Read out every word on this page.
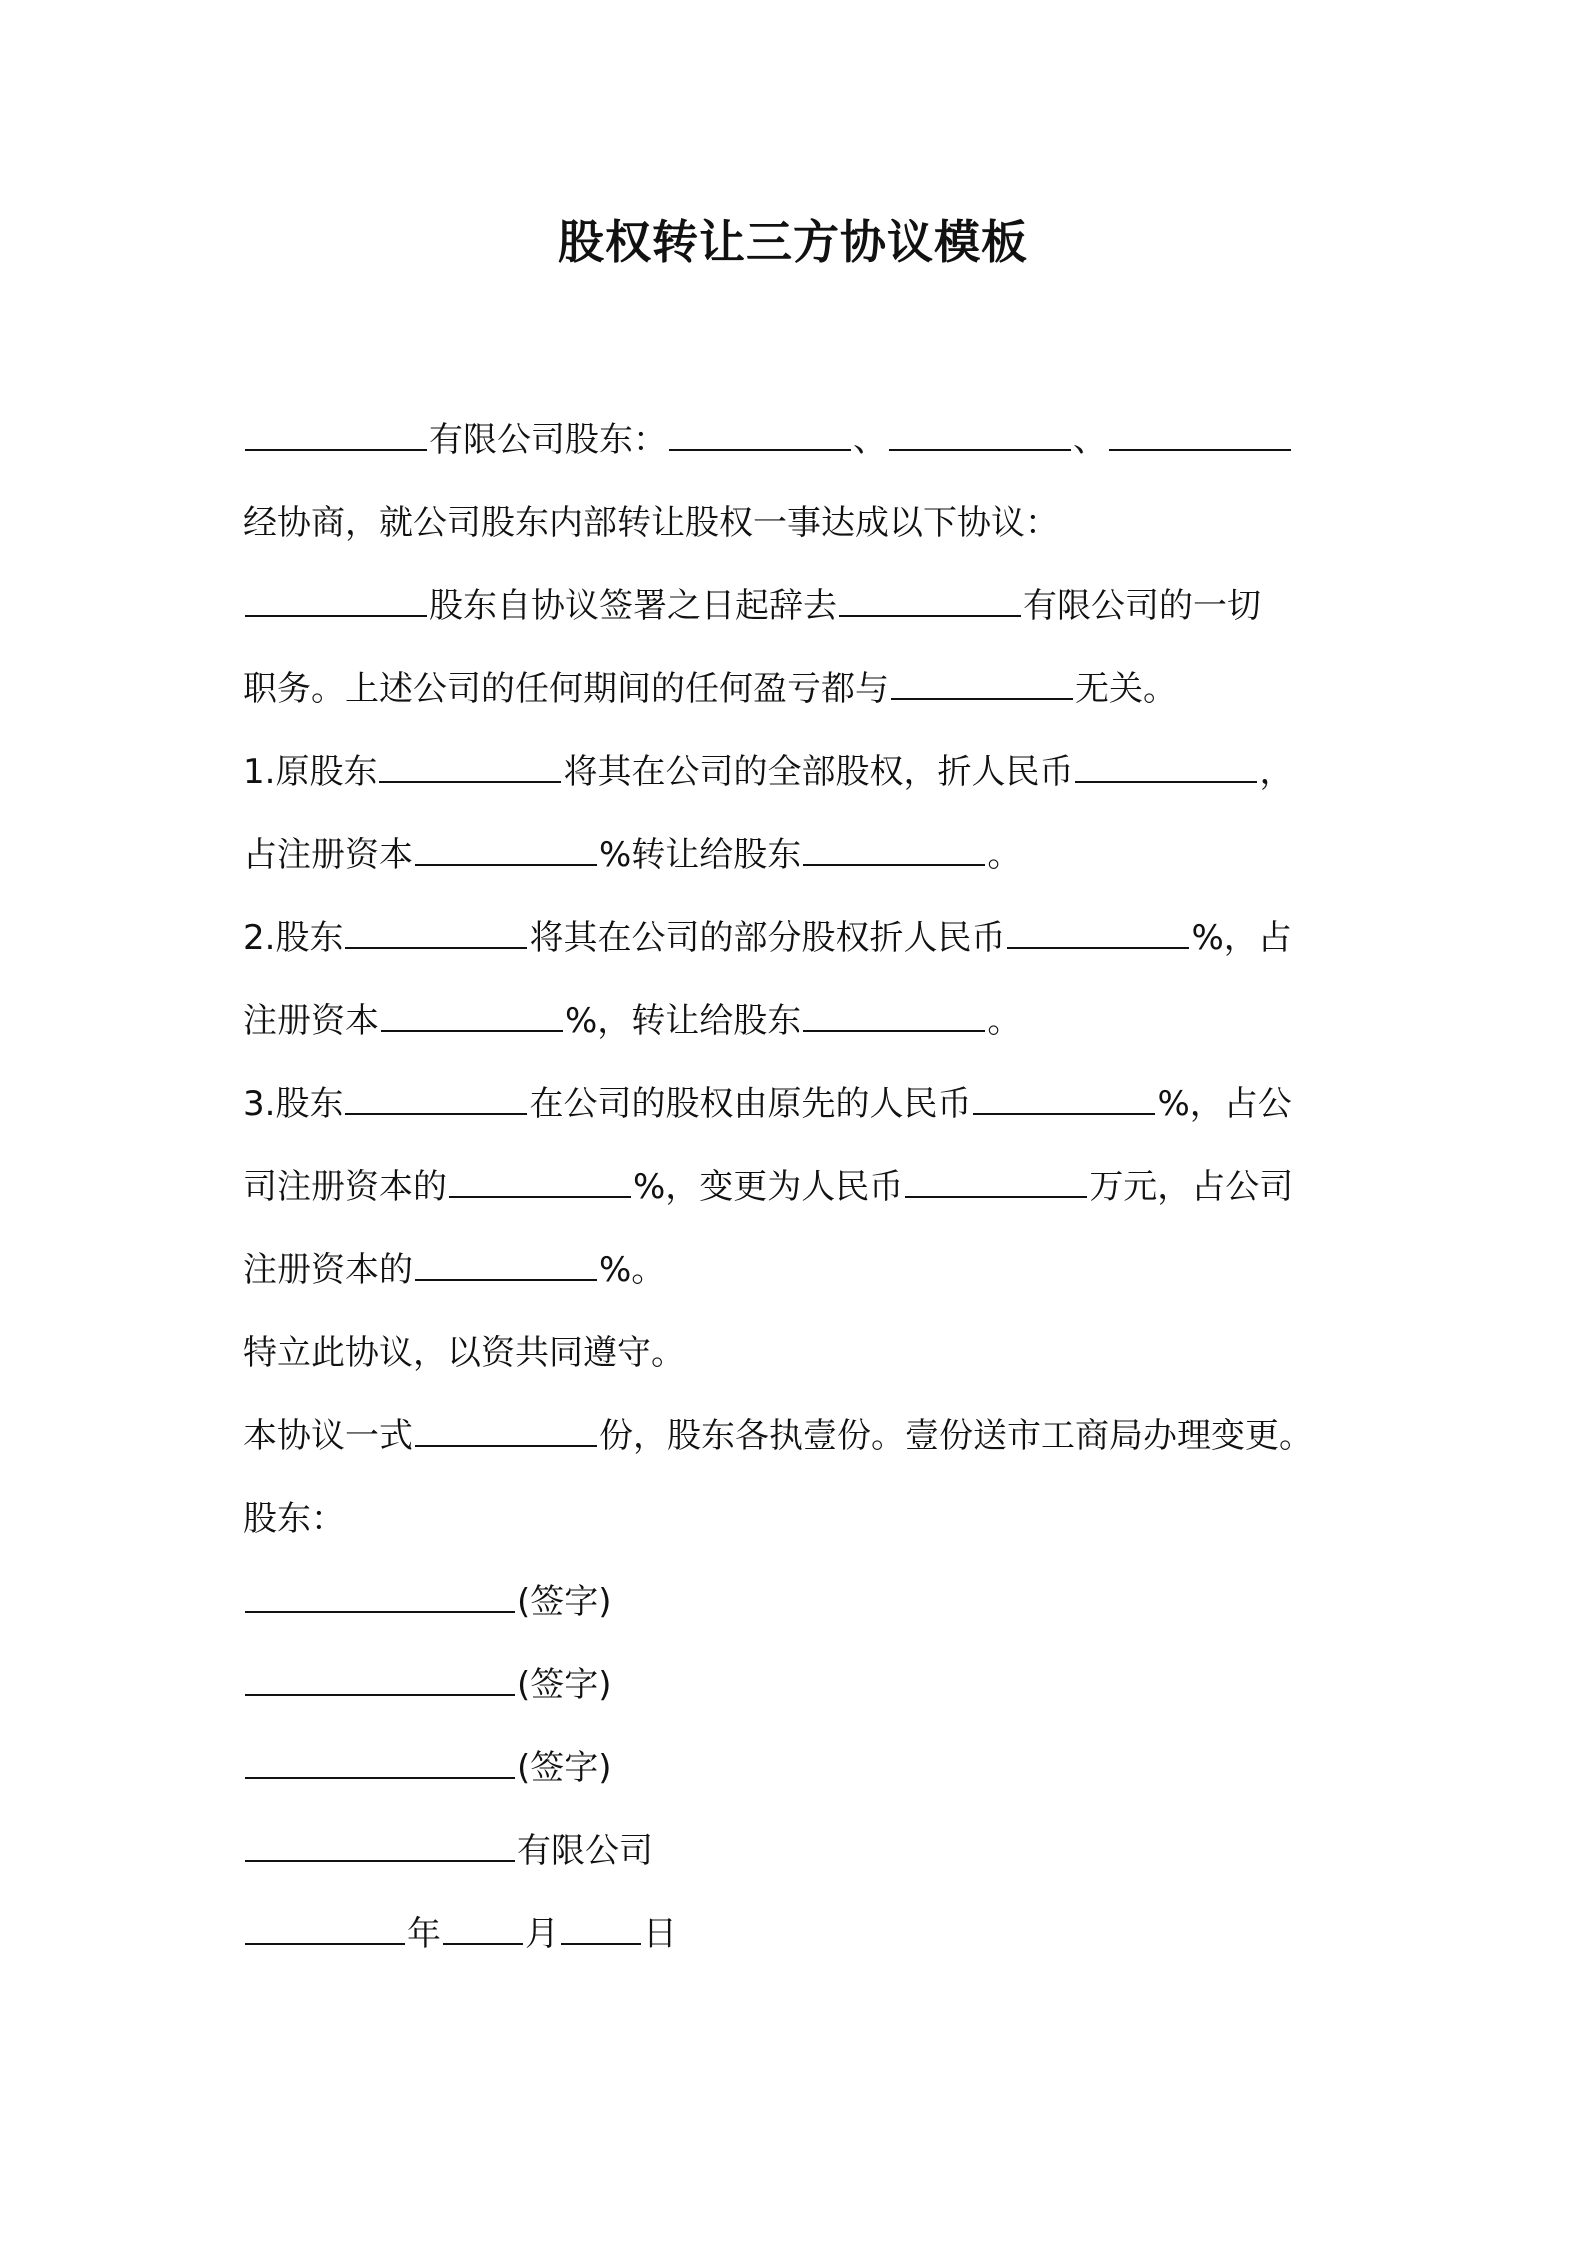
股权转让三方协议模板
有限公司股东：	、	、
经协商，就公司股东内部转让股权一事达成以下协议：
股东自协议签署之日起辞去	有限公司的一切
职务。上述公司的任何期间的任何盈亏都与	无关。
1.原股东	将其在公司的全部股权，折人民币	，
占注册资本	%转让给股东	。
2.股东	将其在公司的部分股权折人民币	%，占
注册资本	%，转让给股东	。
3.股东	在公司的股权由原先的人民币	%，占公
司注册资本的	%，变更为人民币	万元，占公司
注册资本的	%。
特立此协议，以资共同遵守。
本协议一式	份，股东各执壹份。壹份送市工商局办理变更。
股东：
(签字)
(签字)
(签字)
有限公司
年 月 日
